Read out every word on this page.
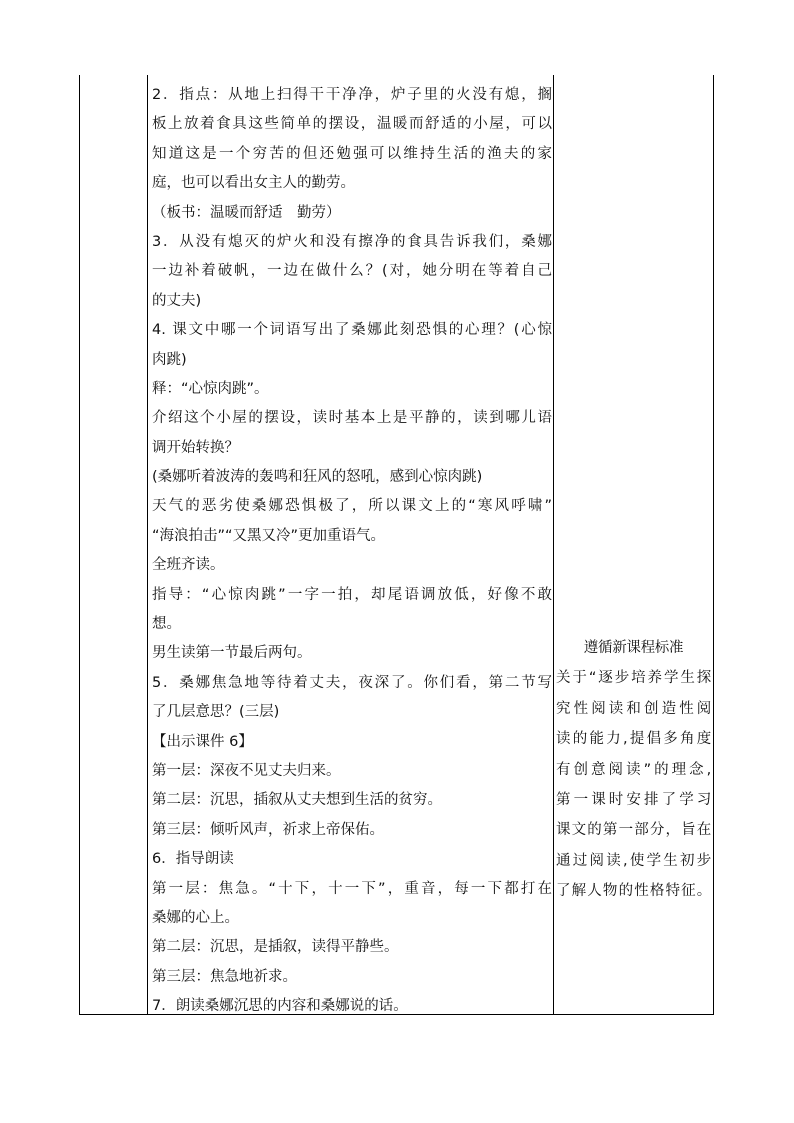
2．指点：从地上扫得干干净净，炉子里的火没有熄，搁
板上放着食具这些简单的摆设，温暖而舒适的小屋，可以
知道这是一个穷苦的但还勉强可以维持生活的渔夫的家
庭，也可以看出女主人的勤劳。
（板书：温暖而舒适　勤劳）
3．从没有熄灭的炉火和没有擦净的食具告诉我们，桑娜
一边补着破帆，一边在做什么？(对，她分明在等着自己
的丈夫)
4. 课文中哪一个词语写出了桑娜此刻恐惧的心理？(心惊
肉跳)
释：“心惊肉跳”。
介绍这个小屋的摆设，读时基本上是平静的，读到哪儿语
调开始转换？
(桑娜听着波涛的轰鸣和狂风的怒吼，感到心惊肉跳)
天气的恶劣使桑娜恐惧极了，所以课文上的“寒风呼啸”
“海浪拍击”“又黑又冷”更加重语气。
全班齐读。
指导：“心惊肉跳”一字一拍，却尾语调放低，好像不敢
想。
男生读第一节最后两句。
5．桑娜焦急地等待着丈夫，夜深了。你们看，第二节写
了几层意思？(三层)
【出示课件 6】
第一层：深夜不见丈夫归来。
第二层：沉思，插叙从丈夫想到生活的贫穷。
第三层：倾听风声，祈求上帝保佑。
6．指导朗读
第一层：焦急。“十下，十一下”，重音，每一下都打在
桑娜的心上。
第二层：沉思，是插叙，读得平静些。
第三层：焦急地祈求。
7．朗读桑娜沉思的内容和桑娜说的话。
遵循新课程标准
关于“逐步培养学生探
究性阅读和创造性阅
读的能力,提倡多角度
有创意阅读”的理念,
第一课时安排了学习
课文的第一部分，旨在
通过阅读,使学生初步
了解人物的性格特征。
